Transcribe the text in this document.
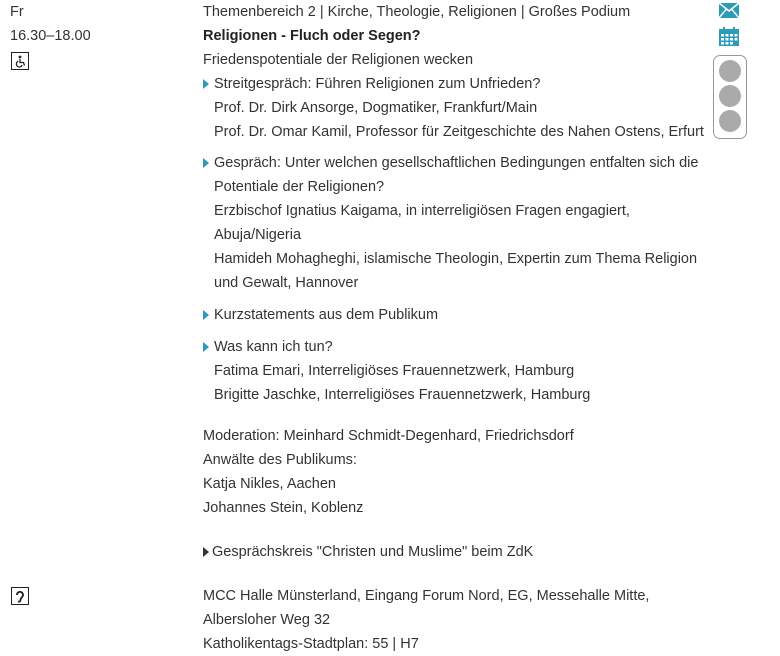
Fr
16.30–18.00
Themenbereich 2 | Kirche, Theologie, Religionen | Großes Podium
Religionen - Fluch oder Segen?
Friedenspotentiale der Religionen wecken
Streitgespräch: Führen Religionen zum Unfrieden?
Prof. Dr. Dirk Ansorge, Dogmatiker, Frankfurt/Main
Prof. Dr. Omar Kamil, Professor für Zeitgeschichte des Nahen Ostens, Erfurt
Gespräch: Unter welchen gesellschaftlichen Bedingungen entfalten sich die
Potentiale der Religionen?
Erzbischof Ignatius Kaigama, in interreligiösen Fragen engagiert,
Abuja/Nigeria
Hamideh Mohagheghi, islamische Theologin, Expertin zum Thema Religion
und Gewalt, Hannover
Kurzstatements aus dem Publikum
Was kann ich tun?
Fatima Emari, Interreligiöses Frauennetzwerk, Hamburg
Brigitte Jaschke, Interreligiöses Frauennetzwerk, Hamburg
Moderation: Meinhard Schmidt-Degenhard, Friedrichsdorf
Anwälte des Publikums:
Katja Nikles, Aachen
Johannes Stein, Koblenz
Gesprächskreis "Christen und Muslime" beim ZdK
MCC Halle Münsterland, Eingang Forum Nord, EG, Messehalle Mitte,
Albersloher Weg 32
Katholikentags-Stadtplan: 55 | H7
